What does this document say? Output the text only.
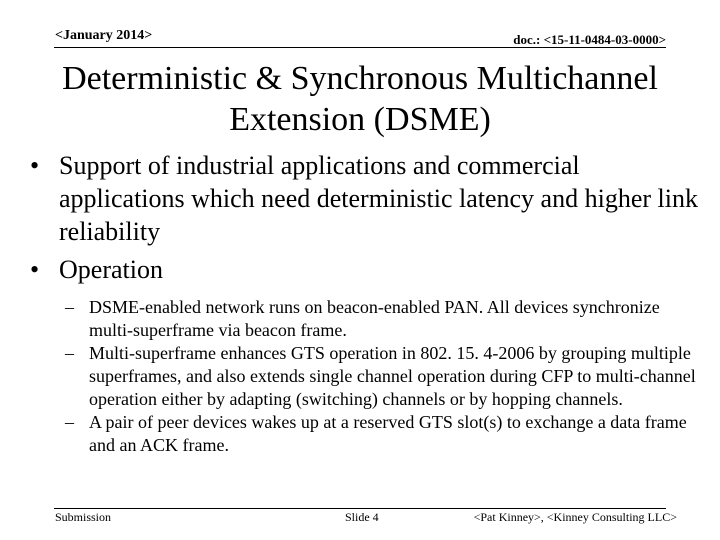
<January 2014>	doc.: <15-11-0484-03-0000>
Deterministic & Synchronous Multichannel
Extension (DSME)
• Support of industrial applications and commercial applications which need deterministic latency and higher link reliability
• Operation
– DSME-enabled network runs on beacon-enabled PAN. All devices synchronize multi-superframe via beacon frame.
– Multi-superframe enhances GTS operation in 802. 15. 4-2006 by grouping multiple superframes, and also extends single channel operation during CFP to multi-channel operation either by adapting (switching) channels or by hopping channels.
– A pair of peer devices wakes up at a reserved GTS slot(s) to exchange a data frame and an ACK frame.
Submission	Slide 4	<Pat Kinney>, <Kinney Consulting LLC>
